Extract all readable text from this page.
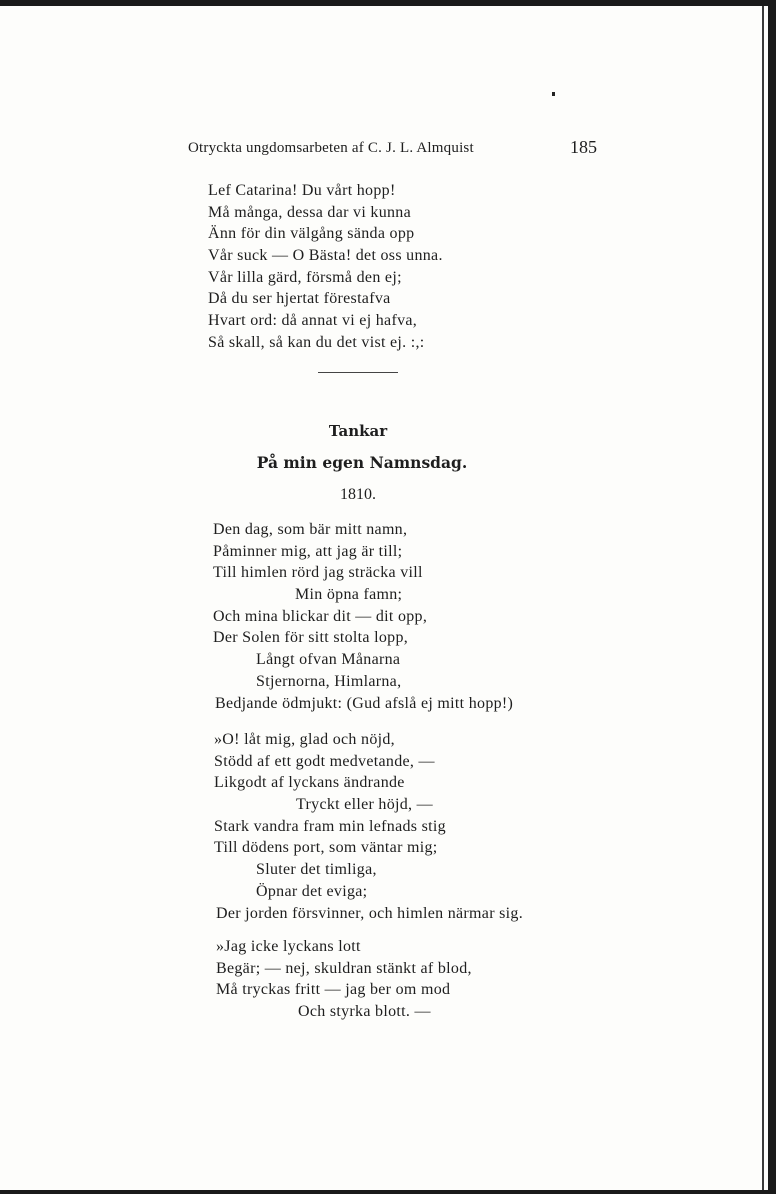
Otryckta ungdomsarbeten af C. J. L. Almquist	185
Lef Catarina! Du vårt hopp!
Må många, dessa dar vi kunna
Änn för din välgång sända opp
Vår suck — O Bästa! det oss unna.
Vår lilla gärd, försmå den ej;
Då du ser hjertat förestafva
Hvart ord: då annat vi ej hafva,
Så skall, så kan du det vist ej. :,:
Tankar
På min egen Namnsdag.
1810.
Den dag, som bär mitt namn,
Påminner mig, att jag är till;
Till himlen rörd jag sträcka vill
Min öpna famn;
Och mina blickar dit — dit opp,
Der Solen för sitt stolta lopp,
Långt ofvan Månarna
Stjernorna, Himlarna,
Bedjande ödmjukt: (Gud afslå ej mitt hopp!)
»O! låt mig, glad och nöjd,
Stödd af ett godt medvetande, —
Likgodt af lyckans ändrande
Tryckt eller höjd, —
Stark vandra fram min lefnads stig
Till dödens port, som väntar mig;
Sluter det timliga,
Öpnar det eviga;
Der jorden försvinner, och himlen närmar sig.
»Jag icke lyckans lott
Begär; — nej, skuldran stänkt af blod,
Må tryckas fritt — jag ber om mod
Och styrka blott. —
